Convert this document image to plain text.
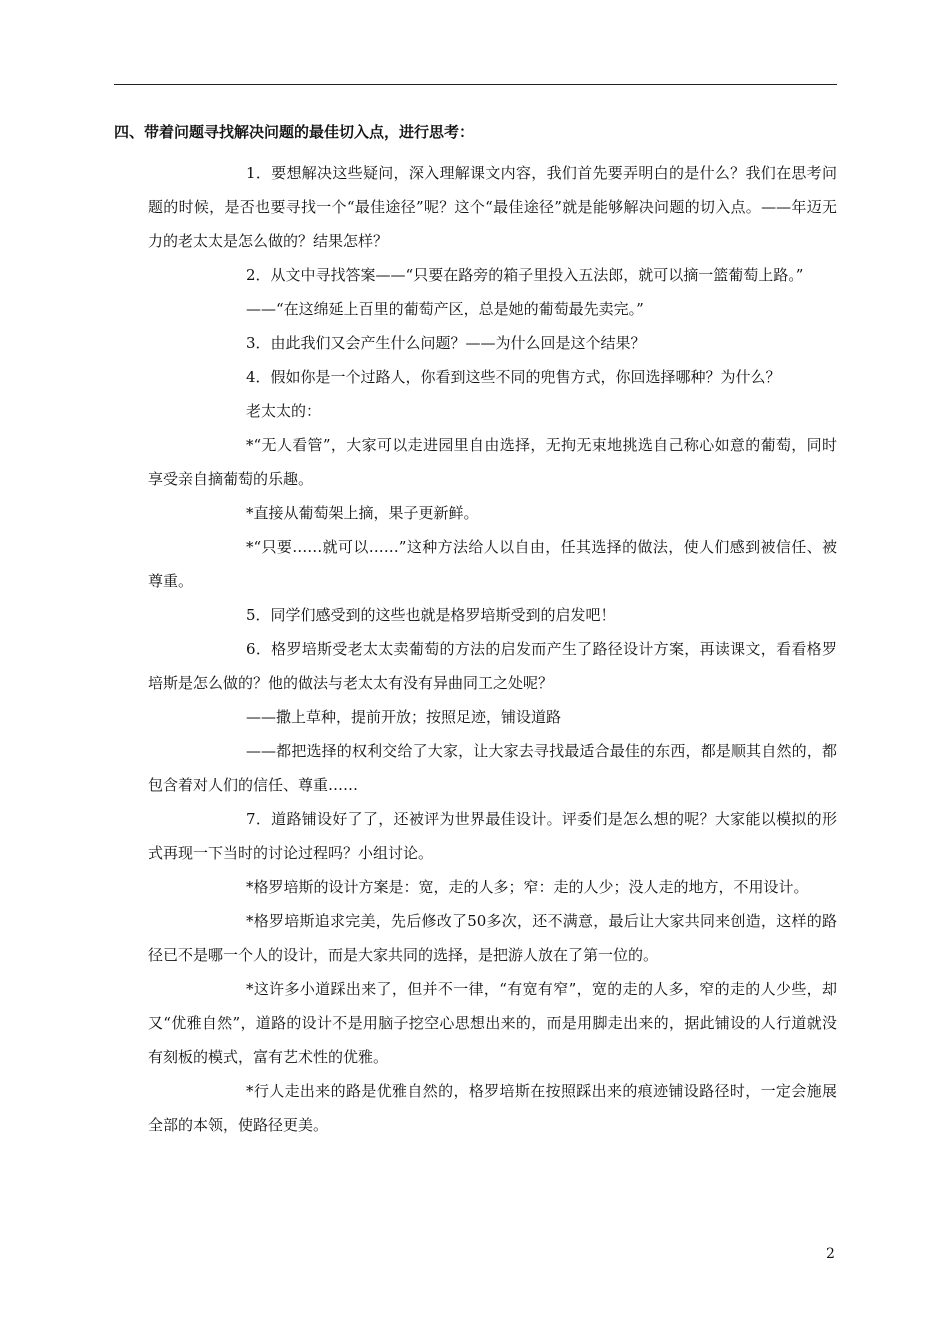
四、带着问题寻找解决问题的最佳切入点，进行思考：

1．要想解决这些疑问，深入理解课文内容，我们首先要弄明白的是什么？我们在思考问题的时候，是否也要寻找一个“最佳途径”呢？这个“最佳途径”就是能够解决问题的切入点。——年迈无力的老太太是怎么做的？结果怎样？

2．从文中寻找答案——“只要在路旁的箱子里投入五法郎，就可以摘一篮葡萄上路。”

——“在这绵延上百里的葡萄产区，总是她的葡萄最先卖完。”

3．由此我们又会产生什么问题？——为什么回是这个结果？

4．假如你是一个过路人，你看到这些不同的兜售方式，你回选择哪种？为什么？

老太太的：

*“无人看管”，大家可以走进园里自由选择，无拘无束地挑选自己称心如意的葡萄，同时享受亲自摘葡萄的乐趣。

*直接从葡萄架上摘，果子更新鲜。

*“只要……就可以……”这种方法给人以自由，任其选择的做法，使人们感到被信任、被尊重。

5．同学们感受到的这些也就是格罗培斯受到的启发吧！

6．格罗培斯受老太太卖葡萄的方法的启发而产生了路径设计方案，再读课文，看看格罗培斯是怎么做的？他的做法与老太太有没有异曲同工之处呢？

——撒上草种，提前开放；按照足迹，铺设道路

——都把选择的权利交给了大家，让大家去寻找最适合最佳的东西，都是顺其自然的，都包含着对人们的信任、尊重……

7．道路铺设好了了，还被评为世界最佳设计。评委们是怎么想的呢？大家能以模拟的形式再现一下当时的讨论过程吗？小组讨论。

*格罗培斯的设计方案是：宽，走的人多；窄：走的人少；没人走的地方，不用设计。

*格罗培斯追求完美，先后修改了50多次，还不满意，最后让大家共同来创造，这样的路径已不是哪一个人的设计，而是大家共同的选择，是把游人放在了第一位的。

*这许多小道踩出来了，但并不一律，“有宽有窄”，宽的走的人多，窄的走的人少些，却又“优雅自然”，道路的设计不是用脑子挖空心思想出来的，而是用脚走出来的，据此铺设的人行道就没有刻板的模式，富有艺术性的优雅。

*行人走出来的路是优雅自然的，格罗培斯在按照踩出来的痕迹铺设路径时，一定会施展全部的本领，使路径更美。

2
